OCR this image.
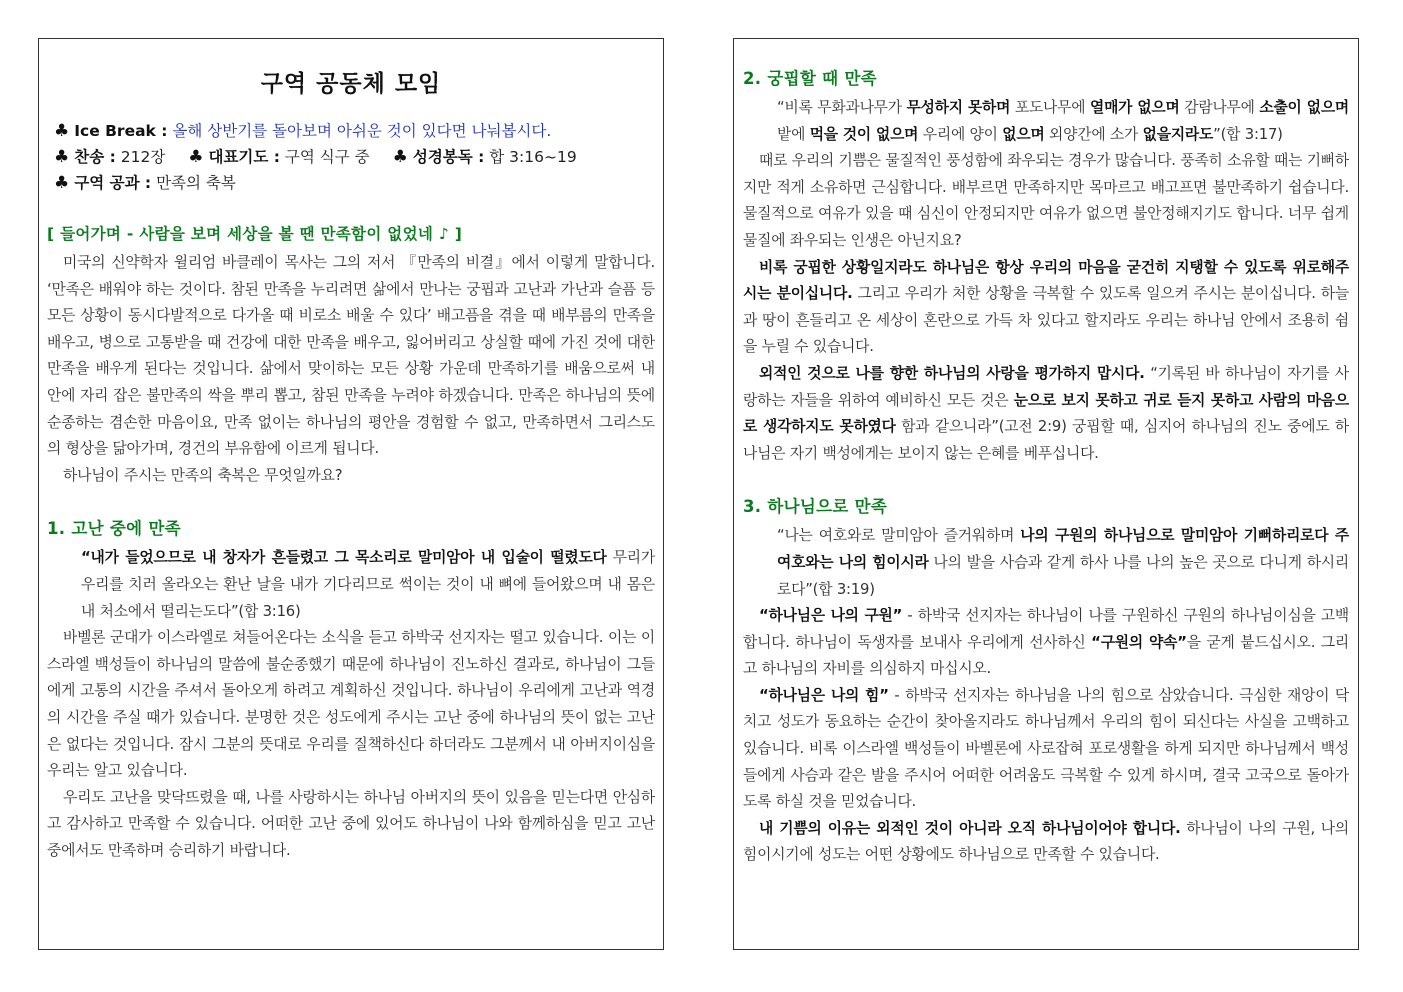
구역 공동체 모임
♣ Ice Break : 올해 상반기를 돌아보며 아쉬운 것이 있다면 나눠봅시다.
♣ 찬송 : 212장 ♣ 대표기도 : 구역 식구 중 ♣ 성경봉독 : 합 3:16~19
♣ 구역 공과 : 만족의 축복
[ 들어가며 - 사람을 보며 세상을 볼 땐 만족함이 없었네 ♪ ]

미국의 신약학자 윌리엄 바클레이 목사는 그의 저서 『만족의 비결』에서 이렇게 말합니다. ‘만족은 배워야 하는 것이다. 참된 만족을 누리려면 삶에서 만나는 궁핍과 고난과 가난과 슬픔 등 모든 상황이 동시다발적으로 다가올 때 비로소 배울 수 있다’ 배고픔을 겪을 때 배부름의 만족을 배우고, 병으로 고통받을 때 건강에 대한 만족을 배우고, 잃어버리고 상실할 때에 가진 것에 대한 만족을 배우게 된다는 것입니다. 삶에서 맞이하는 모든 상황 가운데 만족하기를 배움으로써 내 안에 자리 잡은 불만족의 싹을 뿌리 뽑고, 참된 만족을 누려야 하겠습니다. 만족은 하나님의 뜻에 순종하는 겸손한 마음이요, 만족 없이는 하나님의 평안을 경험할 수 없고, 만족하면서 그리스도의 형상을 닮아가며, 경건의 부유함에 이르게 됩니다.

하나님이 주시는 만족의 축복은 무엇일까요?

1. 고난 중에 만족

“내가 들었으므로 내 창자가 흔들렸고 그 목소리로 말미암아 내 입술이 떨렸도다 무리가 우리를 치러 올라오는 환난 날을 내가 기다리므로 썩이는 것이 내 뼈에 들어왔으며 내 몸은 내 처소에서 떨리는도다”(합 3:16)

바벨론 군대가 이스라엘로 쳐들어온다는 소식을 듣고 하박국 선지자는 떨고 있습니다. 이는 이스라엘 백성들이 하나님의 말씀에 불순종했기 때문에 하나님이 진노하신 결과로, 하나님이 그들에게 고통의 시간을 주셔서 돌아오게 하려고 계획하신 것입니다. 하나님이 우리에게 고난과 역경의 시간을 주실 때가 있습니다. 분명한 것은 성도에게 주시는 고난 중에 하나님의 뜻이 없는 고난은 없다는 것입니다. 잠시 그분의 뜻대로 우리를 질책하신다 하더라도 그분께서 내 아버지이심을 우리는 알고 있습니다.

우리도 고난을 맞닥뜨렸을 때, 나를 사랑하시는 하나님 아버지의 뜻이 있음을 믿는다면 안심하고 감사하고 만족할 수 있습니다. 어떠한 고난 중에 있어도 하나님이 나와 함께하심을 믿고 고난 중에서도 만족하며 승리하기 바랍니다.

2. 궁핍할 때 만족

“비록 무화과나무가 무성하지 못하며 포도나무에 열매가 없으며 감람나무에 소출이 없으며 밭에 먹을 것이 없으며 우리에 양이 없으며 외양간에 소가 없을지라도”(합 3:17)

때로 우리의 기쁨은 물질적인 풍성함에 좌우되는 경우가 많습니다. 풍족히 소유할 때는 기뻐하지만 적게 소유하면 근심합니다. 배부르면 만족하지만 목마르고 배고프면 불만족하기 쉽습니다. 물질적으로 여유가 있을 때 심신이 안정되지만 여유가 없으면 불안정해지기도 합니다. 너무 쉽게 물질에 좌우되는 인생은 아닌지요?

비록 궁핍한 상황일지라도 하나님은 항상 우리의 마음을 굳건히 지탱할 수 있도록 위로해주시는 분이십니다. 그리고 우리가 처한 상황을 극복할 수 있도록 일으켜 주시는 분이십니다. 하늘과 땅이 흔들리고 온 세상이 혼란으로 가득 차 있다고 할지라도 우리는 하나님 안에서 조용히 쉼을 누릴 수 있습니다.

외적인 것으로 나를 향한 하나님의 사랑을 평가하지 맙시다. “기록된 바 하나님이 자기를 사랑하는 자들을 위하여 예비하신 모든 것은 눈으로 보지 못하고 귀로 듣지 못하고 사람의 마음으로 생각하지도 못하였다 함과 같으니라”(고전 2:9) 궁핍할 때, 심지어 하나님의 진노 중에도 하나님은 자기 백성에게는 보이지 않는 은혜를 베푸십니다.

3. 하나님으로 만족

“나는 여호와로 말미암아 즐거워하며 나의 구원의 하나님으로 말미암아 기뻐하리로다 주 여호와는 나의 힘이시라 나의 발을 사슴과 같게 하사 나를 나의 높은 곳으로 다니게 하시리로다”(합 3:19)

“하나님은 나의 구원” - 하박국 선지자는 하나님이 나를 구원하신 구원의 하나님이심을 고백합니다. 하나님이 독생자를 보내사 우리에게 선사하신 “구원의 약속”을 굳게 붙드십시오. 그리고 하나님의 자비를 의심하지 마십시오.

“하나님은 나의 힘” - 하박국 선지자는 하나님을 나의 힘으로 삼았습니다. 극심한 재앙이 닥치고 성도가 동요하는 순간이 찾아올지라도 하나님께서 우리의 힘이 되신다는 사실을 고백하고 있습니다. 비록 이스라엘 백성들이 바벨론에 사로잡혀 포로생활을 하게 되지만 하나님께서 백성들에게 사슴과 같은 발을 주시어 어떠한 어려움도 극복할 수 있게 하시며, 결국 고국으로 돌아가도록 하실 것을 믿었습니다.

내 기쁨의 이유는 외적인 것이 아니라 오직 하나님이어야 합니다. 하나님이 나의 구원, 나의 힘이시기에 성도는 어떤 상황에도 하나님으로 만족할 수 있습니다.
